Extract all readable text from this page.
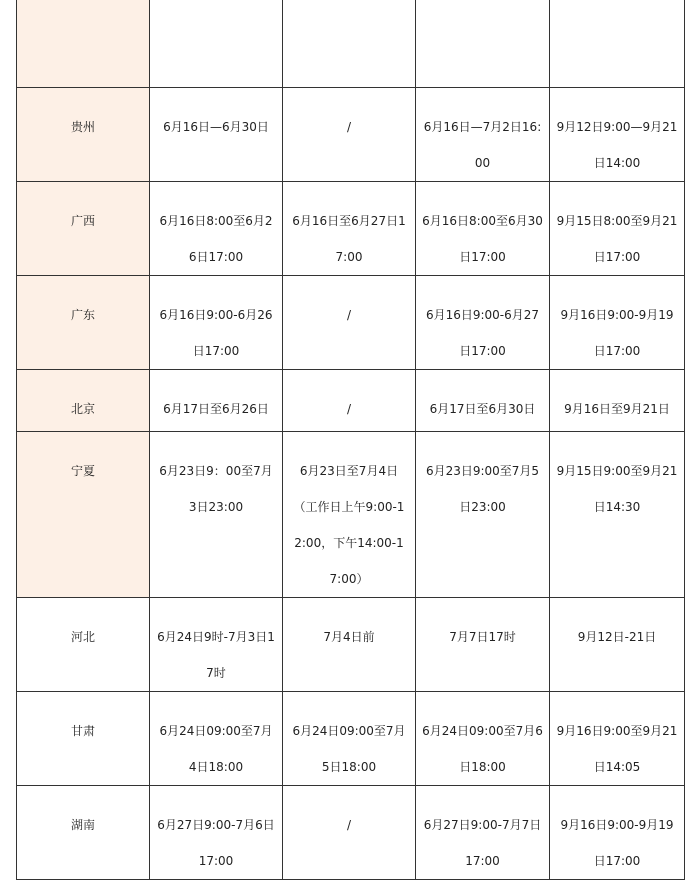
贵州	6月16日—6月30日	/	6月16日—7月2日16:00	9月12日9:00—9月21日14:00
广西	6月16日8:00至6月26日17:00	6月16日至6月27日17:00	6月16日8:00至6月30日17:00	9月15日8:00至9月21日17:00
广东	6月16日9:00-6月26日17:00	/	6月16日9:00-6月27日17:00	9月16日9:00-9月19日17:00
北京	6月17日至6月26日	/	6月17日至6月30日	9月16日至9月21日
宁夏	6月23日9：00至7月3日23:00	6月23日至7月4日（工作日上午9:00-12:00，下午14:00-17:00）	6月23日9:00至7月5日23:00	9月15日9:00至9月21日14:30
河北	6月24日9时-7月3日17时	7月4日前	7月7日17时	9月12日-21日
甘肃	6月24日09:00至7月4日18:00	6月24日09:00至7月5日18:00	6月24日09:00至7月6日18:00	9月16日9:00至9月21日14:05
湖南	6月27日9:00-7月6日17:00	/	6月27日9:00-7月7日17:00	9月16日9:00-9月19日17:00
